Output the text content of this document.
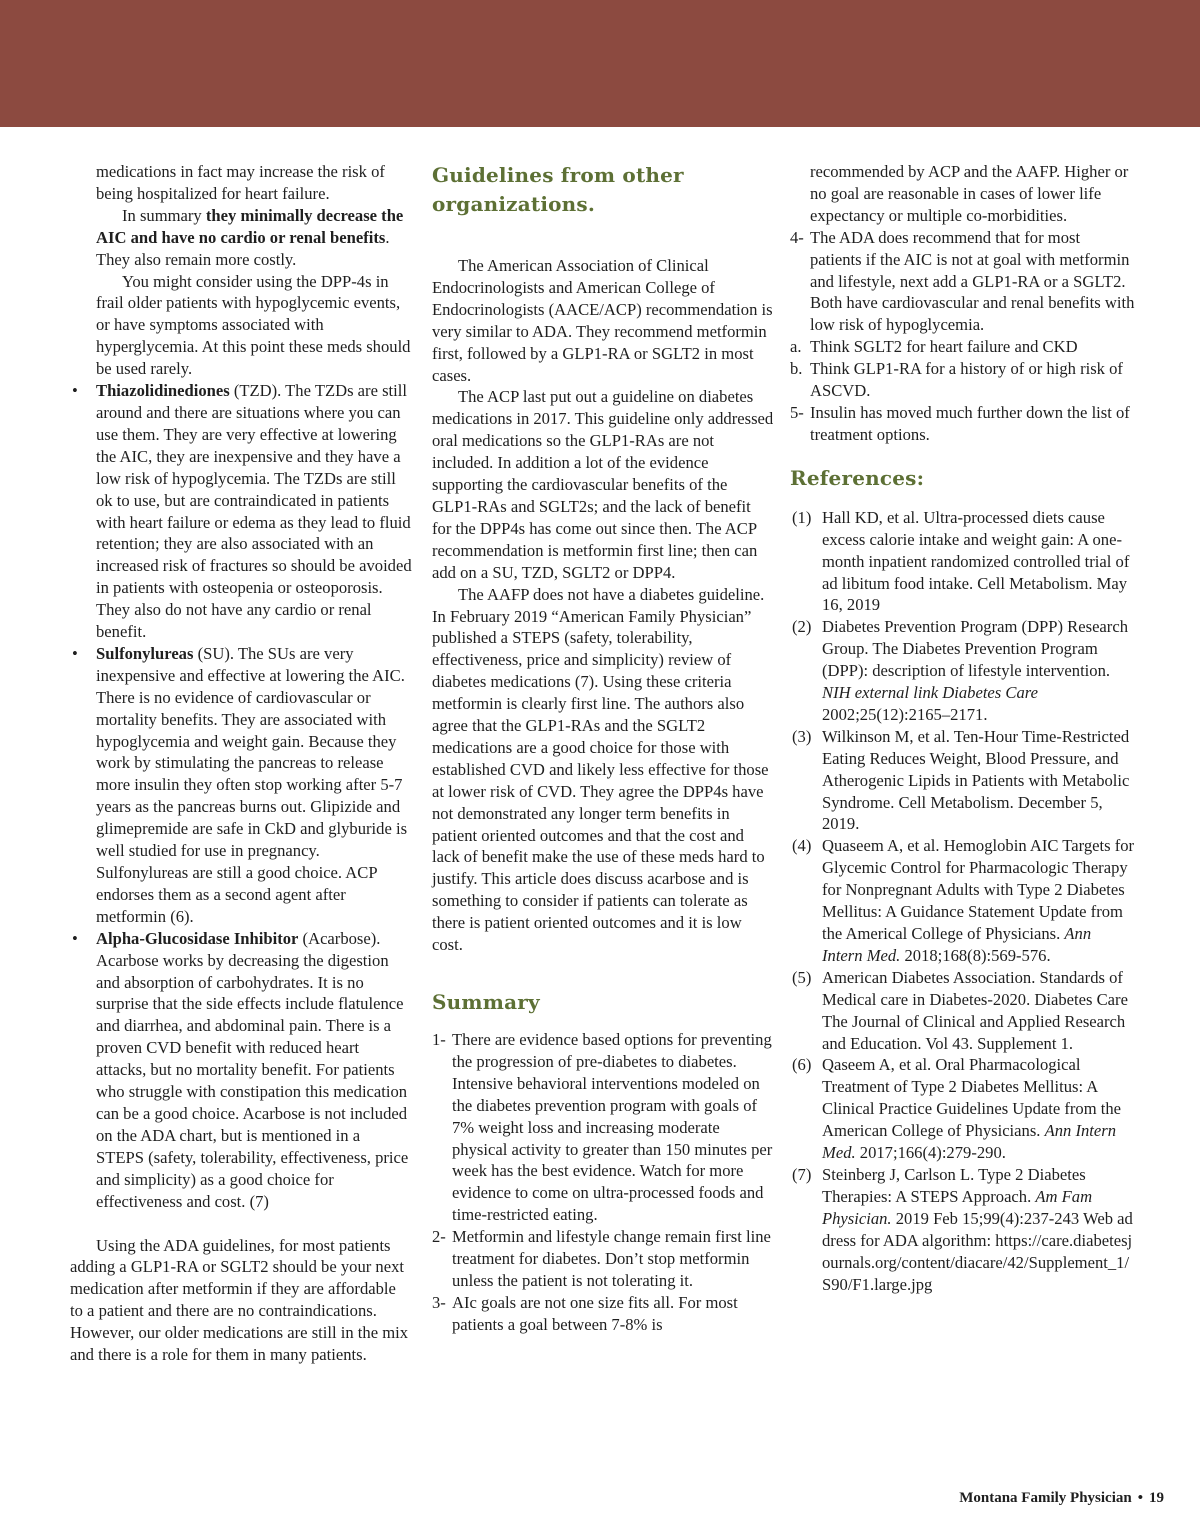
medications in fact may increase the risk of being hospitalized for heart failure.

In summary they minimally decrease the AIC and have no cardio or renal benefits. They also remain more costly.

You might consider using the DPP-4s in frail older patients with hypoglycemic events, or have symptoms associated with hyperglycemia. At this point these meds should be used rarely.

• Thiazolidinediones (TZD). The TZDs are still around and there are situations where you can use them. They are very effective at lowering the AIC, they are inexpensive and they have a low risk of hypoglycemia. The TZDs are still ok to use, but are contraindicated in patients with heart failure or edema as they lead to fluid retention; they are also associated with an increased risk of fractures so should be avoided in patients with osteopenia or osteoporosis. They also do not have any cardio or renal benefit.

• Sulfonylureas (SU). The SUs are very inexpensive and effective at lowering the AIC. There is no evidence of cardiovascular or mortality benefits. They are associated with hypoglycemia and weight gain. Because they work by stimulating the pancreas to release more insulin they often stop working after 5-7 years as the pancreas burns out. Glipizide and glimepremide are safe in CkD and glyburide is well studied for use in pregnancy. Sulfonylureas are still a good choice. ACP endorses them as a second agent after metformin (6).

• Alpha-Glucosidase Inhibitor (Acarbose). Acarbose works by decreasing the digestion and absorption of carbohydrates. It is no surprise that the side effects include flatulence and diarrhea, and abdominal pain. There is a proven CVD benefit with reduced heart attacks, but no mortality benefit. For patients who struggle with constipation this medication can be a good choice. Acarbose is not included on the ADA chart, but is mentioned in a STEPS (safety, tolerability, effectiveness, price and simplicity) as a good choice for effectiveness and cost. (7)

Using the ADA guidelines, for most patients adding a GLP1-RA or SGLT2 should be your next medication after metformin if they are affordable to a patient and there are no contraindications. However, our older medications are still in the mix and there is a role for them in many patients.

Guidelines from other organizations.

The American Association of Clinical Endocrinologists and American College of Endocrinologists (AACE/ACP) recommendation is very similar to ADA. They recommend metformin first, followed by a GLP1-RA or SGLT2 in most cases.

The ACP last put out a guideline on diabetes medications in 2017. This guideline only addressed oral medications so the GLP1-RAs are not included. In addition a lot of the evidence supporting the cardiovascular benefits of the GLP1-RAs and SGLT2s; and the lack of benefit for the DPP4s has come out since then. The ACP recommendation is metformin first line; then can add on a SU, TZD, SGLT2 or DPP4.

The AAFP does not have a diabetes guideline. In February 2019 “American Family Physician” published a STEPS (safety, tolerability, effectiveness, price and simplicity) review of diabetes medications (7). Using these criteria metformin is clearly first line. The authors also agree that the GLP1-RAs and the SGLT2 medications are a good choice for those with established CVD and likely less effective for those at lower risk of CVD. They agree the DPP4s have not demonstrated any longer term benefits in patient oriented outcomes and that the cost and lack of benefit make the use of these meds hard to justify. This article does discuss acarbose and is something to consider if patients can tolerate as there is patient oriented outcomes and it is low cost.

Summary

1- There are evidence based options for preventing the progression of pre-diabetes to diabetes. Intensive behavioral interventions modeled on the diabetes prevention program with goals of 7% weight loss and increasing moderate physical activity to greater than 150 minutes per week has the best evidence. Watch for more evidence to come on ultra-processed foods and time-restricted eating.

2- Metformin and lifestyle change remain first line treatment for diabetes. Don’t stop metformin unless the patient is not tolerating it.

3- AIc goals are not one size fits all. For most patients a goal between 7-8% is

recommended by ACP and the AAFP. Higher or no goal are reasonable in cases of lower life expectancy or multiple co-morbidities.

4- The ADA does recommend that for most patients if the AIC is not at goal with metformin and lifestyle, next add a GLP1-RA or a SGLT2. Both have cardiovascular and renal benefits with low risk of hypoglycemia.

a. Think SGLT2 for heart failure and CKD

b. Think GLP1-RA for a history of or high risk of ASCVD.

5- Insulin has moved much further down the list of treatment options.

References:

(1) Hall KD, et al. Ultra-processed diets cause excess calorie intake and weight gain: A one-month inpatient randomized controlled trial of ad libitum food intake. Cell Metabolism. May 16, 2019

(2) Diabetes Prevention Program (DPP) Research Group. The Diabetes Prevention Program (DPP): description of lifestyle intervention. NIH external link Diabetes Care 2002;25(12):2165–2171.

(3) Wilkinson M, et al. Ten-Hour Time-Restricted Eating Reduces Weight, Blood Pressure, and Atherogenic Lipids in Patients with Metabolic Syndrome. Cell Metabolism. December 5, 2019.

(4) Quaseem A, et al. Hemoglobin AIC Targets for Glycemic Control for Pharmacologic Therapy for Nonpregnant Adults with Type 2 Diabetes Mellitus: A Guidance Statement Update from the Americal College of Physicians. Ann Intern Med. 2018;168(8):569-576.

(5) American Diabetes Association. Standards of Medical care in Diabetes-2020. Diabetes Care The Journal of Clinical and Applied Research and Education. Vol 43. Supplement 1.

(6) Qaseem A, et al. Oral Pharmacological Treatment of Type 2 Diabetes Mellitus: A Clinical Practice Guidelines Update from the American College of Physicians. Ann Intern Med. 2017;166(4):279-290.

(7) Steinberg J, Carlson L. Type 2 Diabetes Therapies: A STEPS Approach. Am Fam Physician. 2019 Feb 15;99(4):237-243 Web address for ADA algorithm: https://care.diabetesjournals.org/content/diacare/42/Supplement_1/S90/F1.large.jpg

Montana Family Physician • 19
